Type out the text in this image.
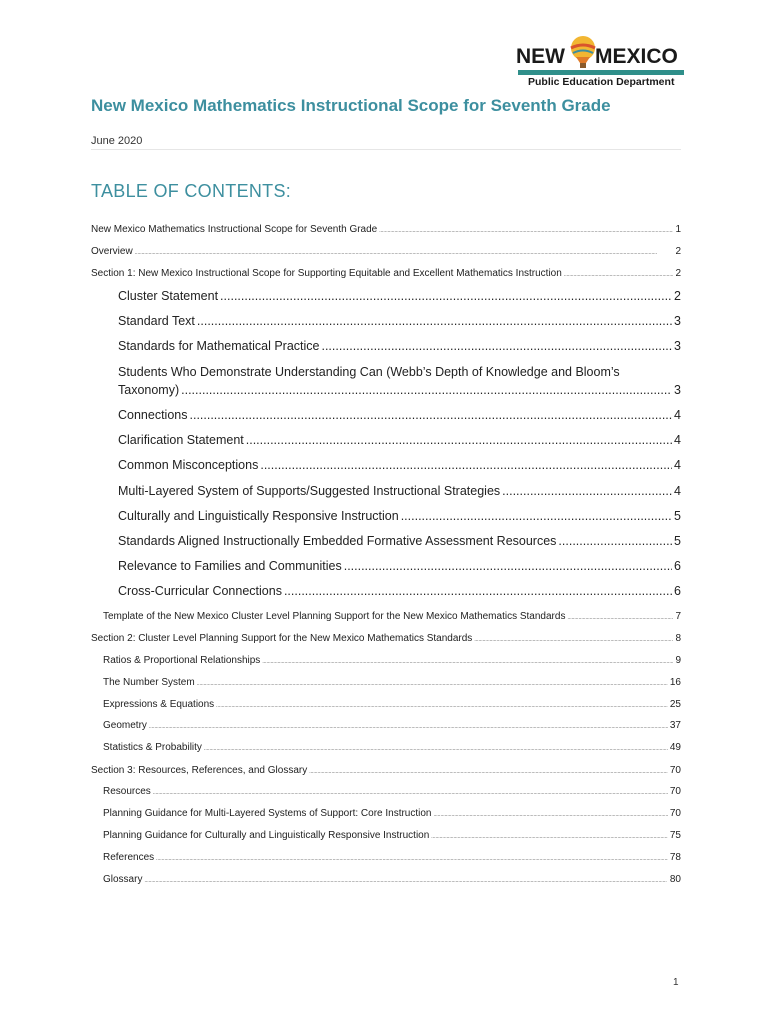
NEW MEXICO
Public Education Department
New Mexico Mathematics Instructional Scope for Seventh Grade
June 2020
TABLE OF CONTENTS:
New Mexico Mathematics Instructional Scope for Seventh Grade .....	1
Overview .....	2
Section 1: New Mexico Instructional Scope for Supporting Equitable and Excellent Mathematics Instruction .....	2
Cluster Statement .....	2
Standard Text .....	3
Standards for Mathematical Practice .....	3
Students Who Demonstrate Understanding Can (Webb’s Depth of Knowledge and Bloom’s
Taxonomy) .....	3
Connections .....	4
Clarification Statement .....	4
Common Misconceptions .....	4
Multi-Layered System of Supports/Suggested Instructional Strategies .....	4
Culturally and Linguistically Responsive Instruction .....	5
Standards Aligned Instructionally Embedded Formative Assessment Resources .....	5
Relevance to Families and Communities .....	6
Cross-Curricular Connections .....	6
Template of the New Mexico Cluster Level Planning Support for the New Mexico Mathematics Standards .....	7
Section 2: Cluster Level Planning Support for the New Mexico Mathematics Standards .....	8
Ratios & Proportional Relationships .....	9
The Number System .....	16
Expressions & Equations .....	25
Geometry .....	37
Statistics & Probability .....	49
Section 3: Resources, References, and Glossary .....	70
Resources .....	70
Planning Guidance for Multi-Layered Systems of Support: Core Instruction .....	70
Planning Guidance for Culturally and Linguistically Responsive Instruction .....	75
References .....	78
Glossary .....	80
1
